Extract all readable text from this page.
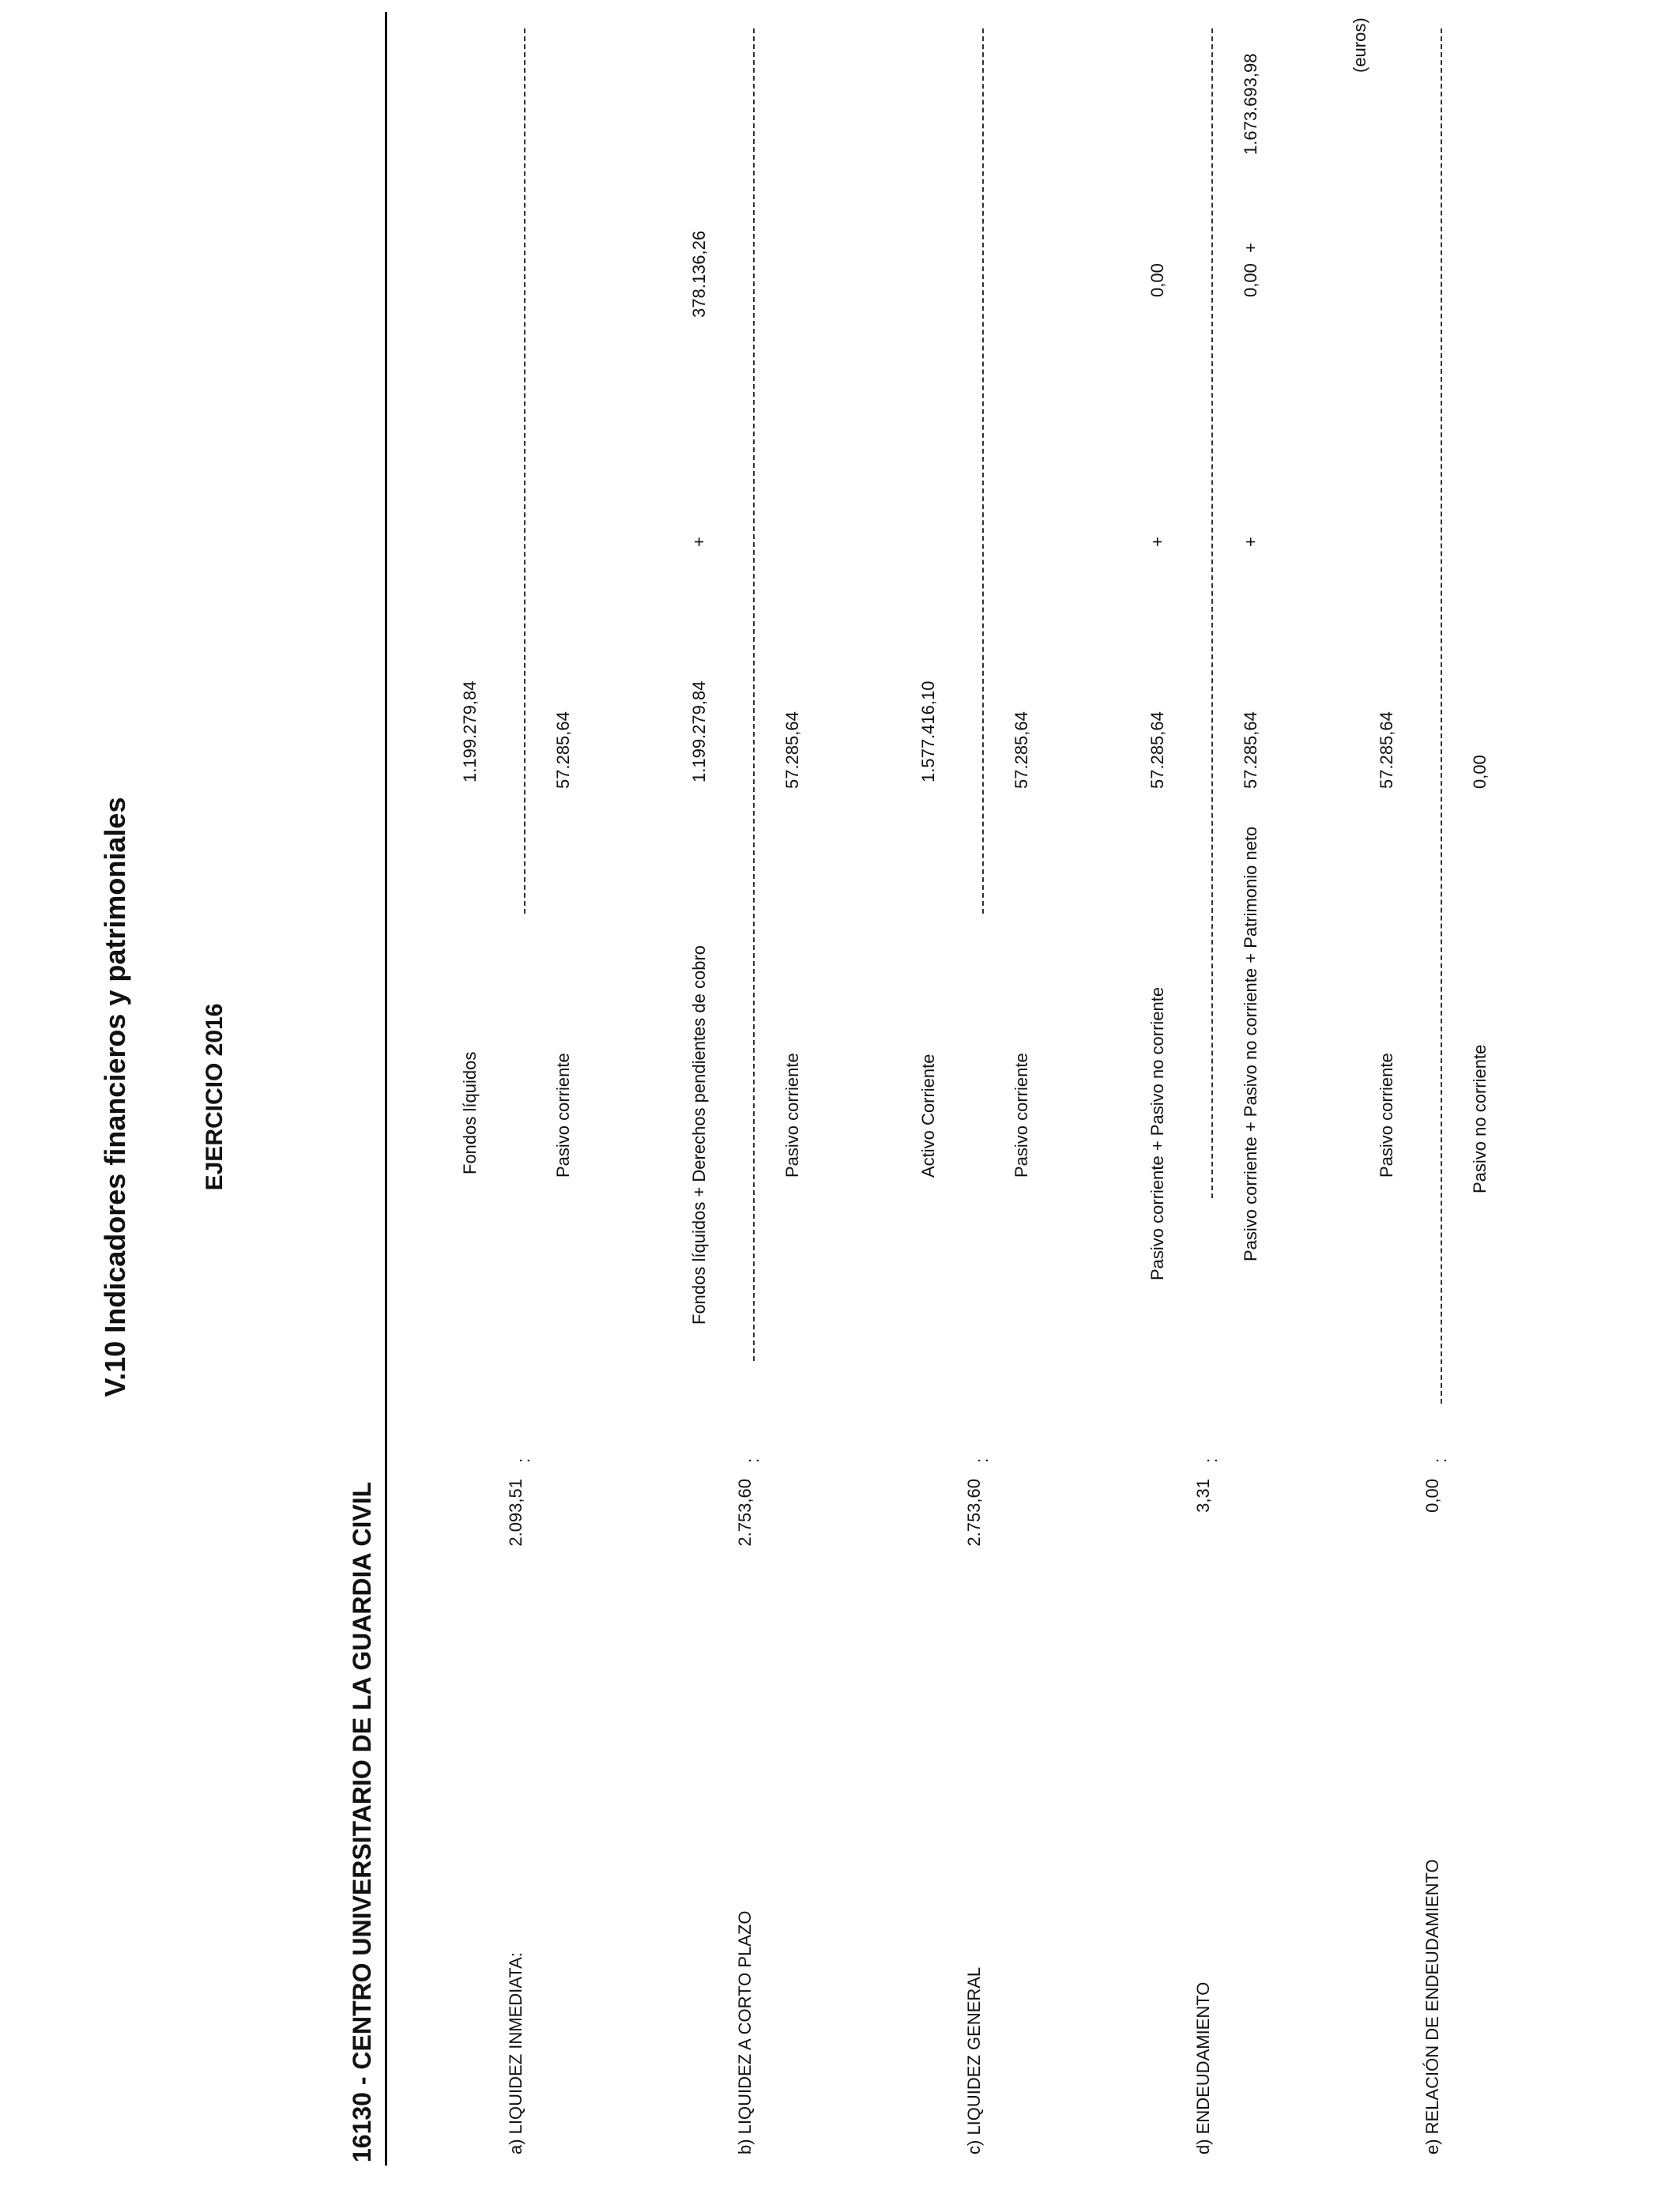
V.10 Indicadores financieros y patrimoniales	EJERCICIO 2016
16130 - CENTRO UNIVERSITARIO DE LA GUARDIA CIVIL
(euros)
a) LIQUIDEZ INMEDIATA:
2.093,51
:
Fondos líquidos
1.199.279,84
Pasivo corriente
57.285,64
b) LIQUIDEZ A CORTO PLAZO
2.753,60
:
Fondos líquidos + Derechos pendientes de cobro
1.199.279,84
+
378.136,26
Pasivo corriente
57.285,64
c) LIQUIDEZ GENERAL
2.753,60
:
Activo Corriente
1.577.416,10
Pasivo corriente
57.285,64
d) ENDEUDAMIENTO
3,31
:
Pasivo corriente + Pasivo no corriente
57.285,64
+
0,00
Pasivo corriente + Pasivo no corriente + Patrimonio neto
57.285,64
+
0,00
+
1.673.693,98
e) RELACIÓN DE ENDEUDAMIENTO
0,00
:
Pasivo corriente
57.285,64
Pasivo no corriente
0,00
